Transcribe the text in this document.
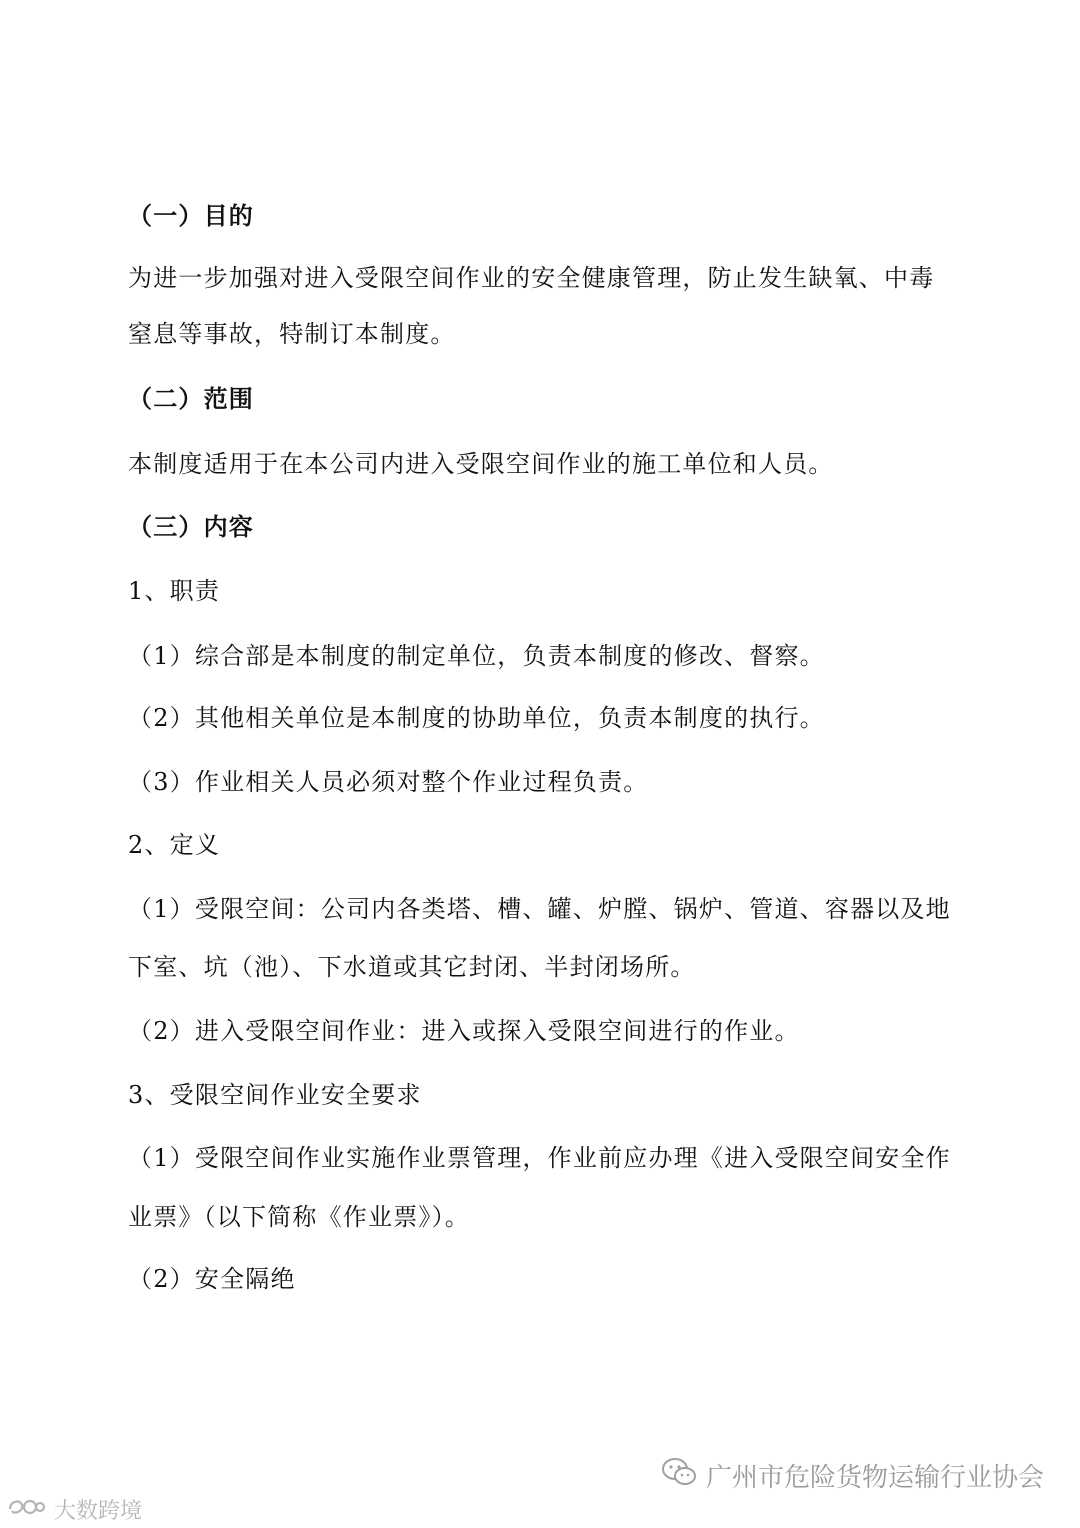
（一）目的
为进一步加强对进入受限空间作业的安全健康管理，防止发生缺氧、中毒
窒息等事故，特制订本制度。
（二）范围
本制度适用于在本公司内进入受限空间作业的施工单位和人员。
（三）内容
1、职责
（1）综合部是本制度的制定单位，负责本制度的修改、督察。
（2）其他相关单位是本制度的协助单位，负责本制度的执行。
（3）作业相关人员必须对整个作业过程负责。
2、定义
（1）受限空间：公司内各类塔、槽、罐、炉膛、锅炉、管道、容器以及地
下室、坑（池）、下水道或其它封闭、半封闭场所。
（2）进入受限空间作业：进入或探入受限空间进行的作业。
3、受限空间作业安全要求
（1）受限空间作业实施作业票管理，作业前应办理《进入受限空间安全作
业票》（以下简称《作业票》）。
（2）安全隔绝
广州市危险货物运输行业协会
大数跨境
